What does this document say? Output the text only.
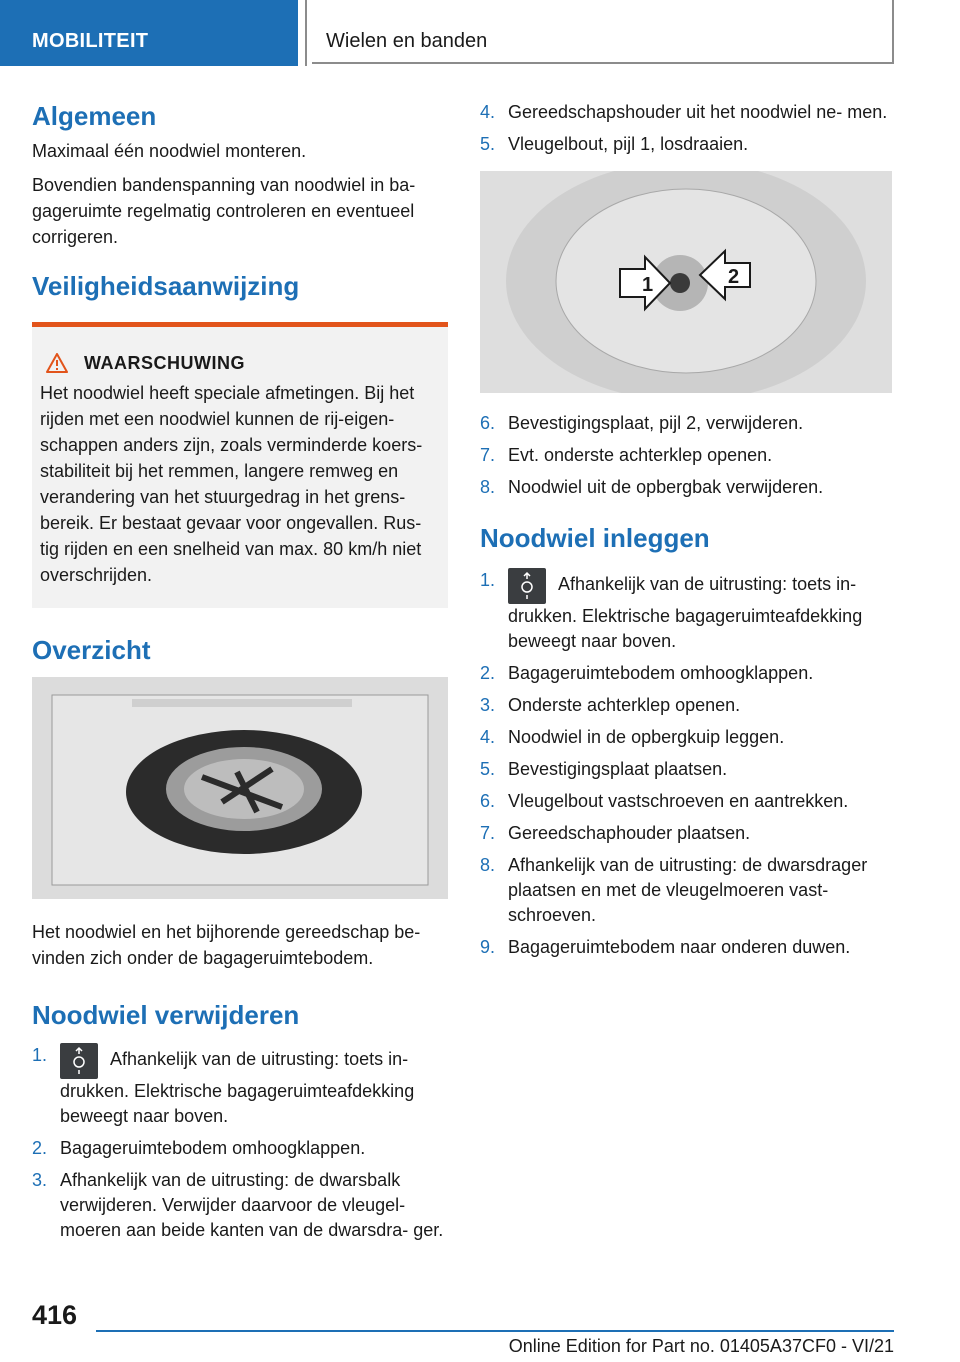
MOBILITEIT	Wielen en banden
Algemeen

Maximaal één noodwiel monteren.

Bovendien bandenspanning van noodwiel in ba‐ gageruimte regelmatig controleren en eventueel corrigeren.

Veiligheidsaanwijzing
WAARSCHUWING

Het noodwiel heeft speciale afmetingen. Bij het rijden met een noodwiel kunnen de rij-eigen‐ schappen anders zijn, zoals verminderde koers‐ stabiliteit bij het remmen, langere remweg en verandering van het stuurgedrag in het grens‐ bereik. Er bestaat gevaar voor ongevallen. Rus‐ tig rijden en een snelheid van max. 80 km/h niet overschrijden.

Overzicht

Het noodwiel en het bijhorende gereedschap be‐ vinden zich onder de bagageruimtebodem.

Noodwiel verwijderen
1.	Afhankelijk van de uitrusting: toets in‐ drukken. Elektrische bagageruimteafdekking beweegt naar boven.
2. Bagageruimtebodem omhoogklappen.
3. Afhankelijk van de uitrusting: de dwarsbalk verwijderen. Verwijder daarvoor de vleugel‐ moeren aan beide kanten van de dwarsdra‐ ger.
4. Gereedschapshouder uit het noodwiel ne‐ men.
5. Vleugelbout, pijl 1, losdraaien.
1	2
6. Bevestigingsplaat, pijl 2, verwijderen.
7. Evt. onderste achterklep openen.
8. Noodwiel uit de opbergbak verwijderen.
Noodwiel inleggen
1.	Afhankelijk van de uitrusting: toets in‐ drukken. Elektrische bagageruimteafdekking beweegt naar boven.
2. Bagageruimtebodem omhoogklappen.
3. Onderste achterklep openen.
4. Noodwiel in de opbergkuip leggen.
5. Bevestigingsplaat plaatsen.
6. Vleugelbout vastschroeven en aantrekken.
7. Gereedschaphouder plaatsen.
8. Afhankelijk van de uitrusting: de dwarsdrager plaatsen en met de vleugelmoeren vast‐ schroeven.
9. Bagageruimtebodem naar onderen duwen.
416
Online Edition for Part no. 01405A37CF0 - VI/21
